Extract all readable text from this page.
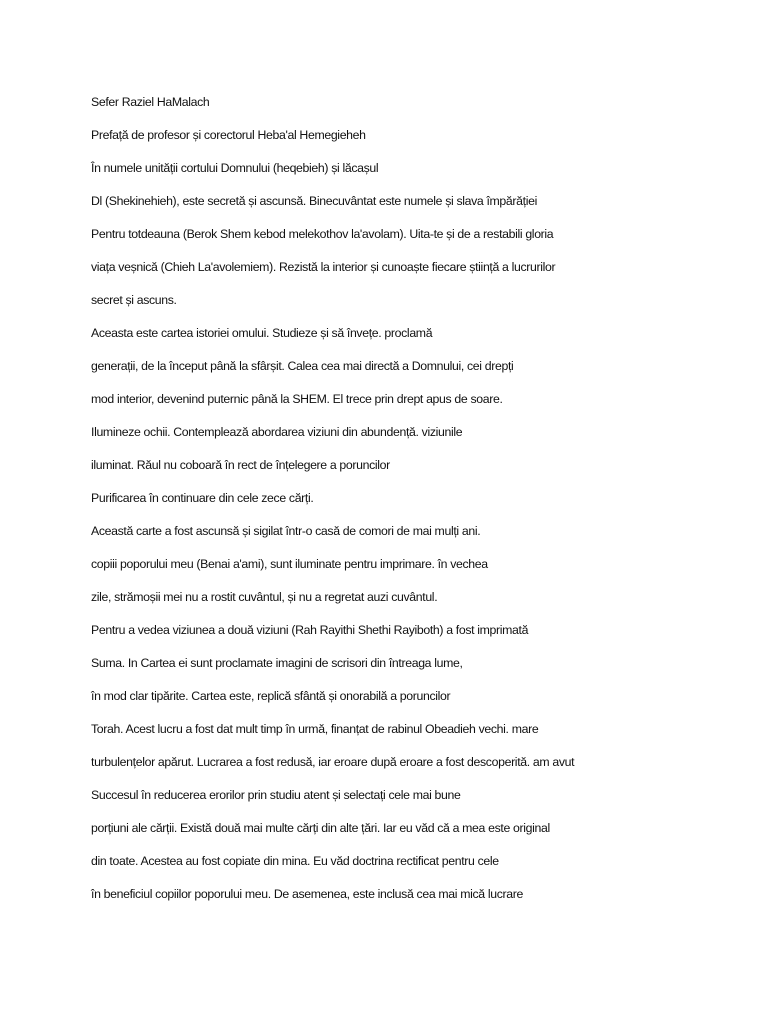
Sefer Raziel HaMalach
Prefață de profesor și corectorul Heba'al Hemegieheh
În numele unității cortului Domnului (heqebieh) și lăcașul
Dl (Shekinehieh), este secretă și ascunsă. Binecuvântat este numele și slava împărăției
Pentru totdeauna (Berok Shem kebod melekothov la'avolam). Uita-te și de a restabili gloria
viața veșnică (Chieh La'avolemiem). Rezistă la interior și cunoaște fiecare știință a lucrurilor
secret și ascuns.
Aceasta este cartea istoriei omului. Studieze și să învețe. proclamă
generații, de la început până la sfârșit. Calea cea mai directă a Domnului, cei drepți
mod interior, devenind puternic până la SHEM. El trece prin drept apus de soare.
Ilumineze ochii. Contemplează abordarea viziuni din abundență. viziunile
iluminat. Răul nu coboară în rect de înțelegere a poruncilor
Purificarea în continuare din cele zece cărți.
Această carte a fost ascunsă și sigilat într-o casă de comori de mai mulți ani.
copiii poporului meu (Benai a'ami), sunt iluminate pentru imprimare. în vechea
zile, strămoșii mei nu a rostit cuvântul, și nu a regretat auzi cuvântul.
Pentru a vedea viziunea a două viziuni (Rah Rayithi Shethi Rayiboth) a fost imprimată
Suma. In Cartea ei sunt proclamate imagini de scrisori din întreaga lume,
în mod clar tipărite. Cartea este, replică sfântă și onorabilă a poruncilor
Torah. Acest lucru a fost dat mult timp în urmă, finanțat de rabinul Obeadieh vechi. mare
turbulențelor apărut. Lucrarea a fost redusă, iar eroare după eroare a fost descoperită. am avut
Succesul în reducerea erorilor prin studiu atent și selectați cele mai bune
porțiuni ale cărții. Există două mai multe cărți din alte țări. Iar eu văd că a mea este original
din toate. Acestea au fost copiate din mina. Eu văd doctrina rectificat pentru cele
în beneficiul copiilor poporului meu. De asemenea, este inclusă cea mai mică lucrare
